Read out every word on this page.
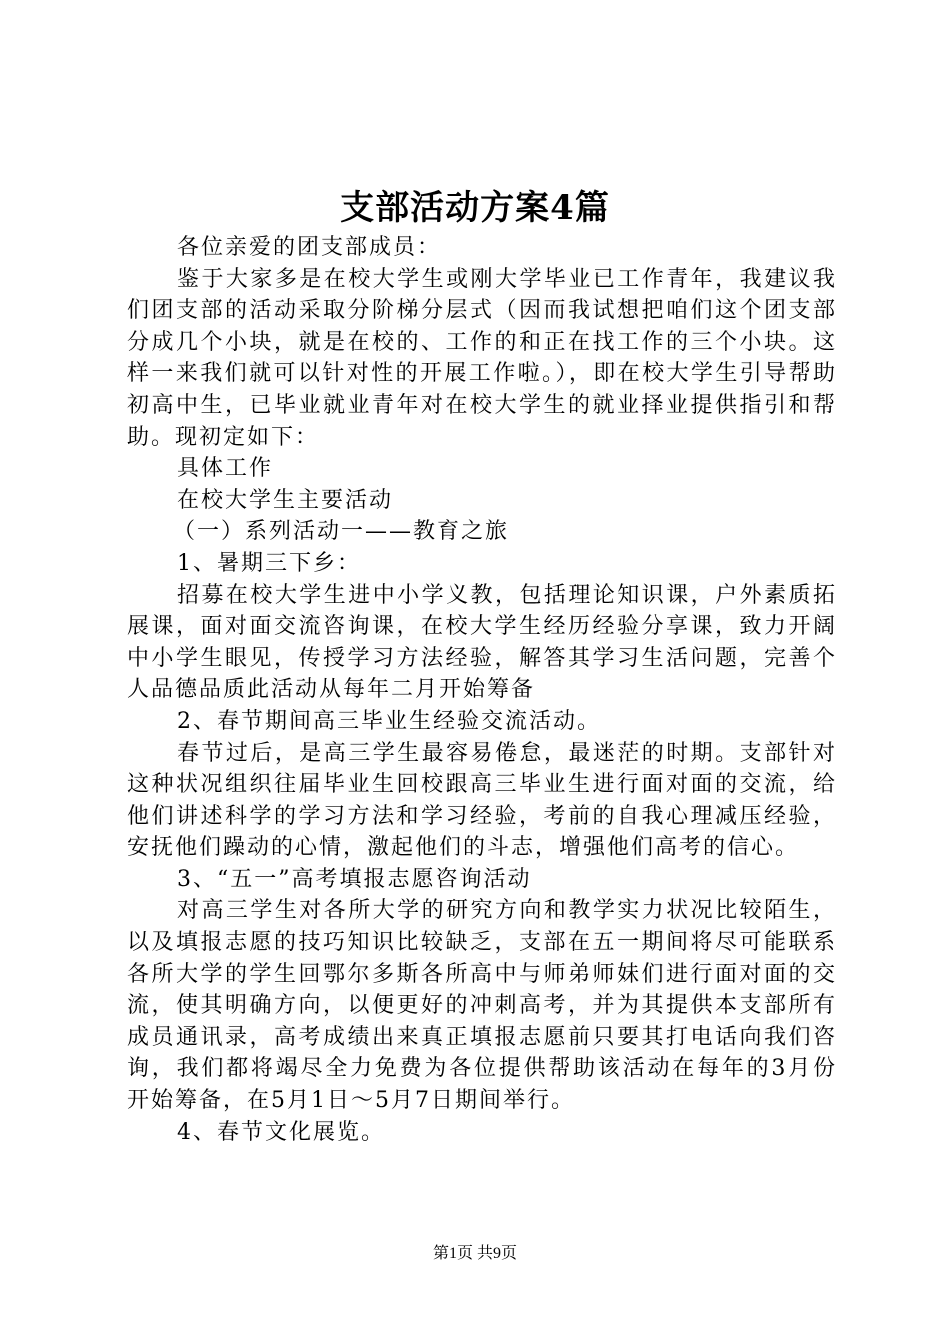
支部活动方案4篇

各位亲爱的团支部成员：

鉴于大家多是在校大学生或刚大学毕业已工作青年，我建议我们团支部的活动采取分阶梯分层式（因而我试想把咱们这个团支部分成几个小块，就是在校的、工作的和正在找工作的三个小块。这样一来我们就可以针对性的开展工作啦。），即在校大学生引导帮助初高中生，已毕业就业青年对在校大学生的就业择业提供指引和帮助。现初定如下：

具体工作

在校大学生主要活动

（一）系列活动一——教育之旅

1、暑期三下乡：

招募在校大学生进中小学义教，包括理论知识课，户外素质拓展课，面对面交流咨询课，在校大学生经历经验分享课，致力开阔中小学生眼见，传授学习方法经验，解答其学习生活问题，完善个人品德品质此活动从每年二月开始筹备

2、春节期间高三毕业生经验交流活动。

春节过后，是高三学生最容易倦怠，最迷茫的时期。支部针对这种状况组织往届毕业生回校跟高三毕业生进行面对面的交流，给他们讲述科学的学习方法和学习经验，考前的自我心理减压经验，安抚他们躁动的心情，激起他们的斗志，增强他们高考的信心。

3、“五一”高考填报志愿咨询活动

对高三学生对各所大学的研究方向和教学实力状况比较陌生，以及填报志愿的技巧知识比较缺乏，支部在五一期间将尽可能联系各所大学的学生回鄂尔多斯各所高中与师弟师妹们进行面对面的交流，使其明确方向，以便更好的冲刺高考，并为其提供本支部所有成员通讯录，高考成绩出来真正填报志愿前只要其打电话向我们咨询，我们都将竭尽全力免费为各位提供帮助该活动在每年的3月份开始筹备，在5月1日～5月7日期间举行。

4、春节文化展览。

第1页 共9页
